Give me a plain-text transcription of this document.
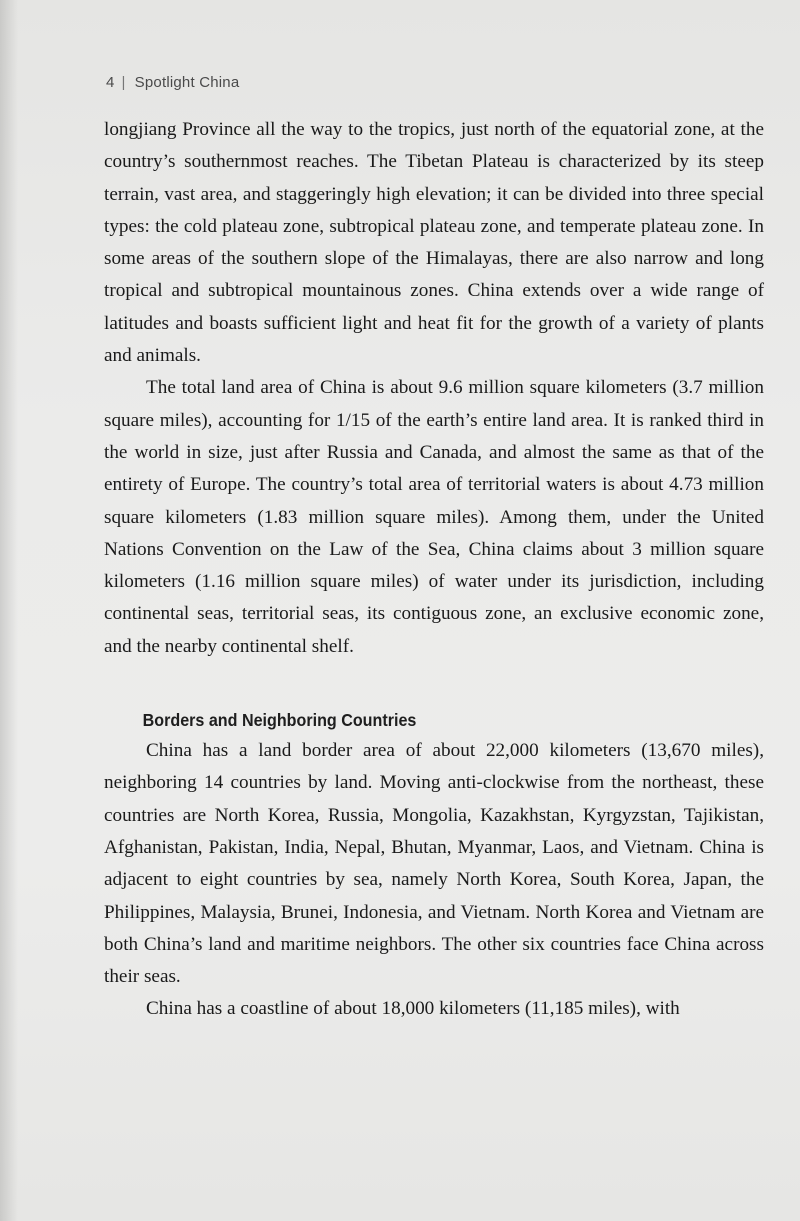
4 | Spotlight China

longjiang Province all the way to the tropics, just north of the equatorial zone, at the country’s southernmost reaches. The Tibetan Plateau is characterized by its steep terrain, vast area, and staggeringly high elevation; it can be divided into three special types: the cold plateau zone, subtropical plateau zone, and temperate plateau zone. In some areas of the southern slope of the Himalayas, there are also narrow and long tropical and subtropical mountainous zones. China extends over a wide range of latitudes and boasts sufficient light and heat fit for the growth of a variety of plants and animals.

The total land area of China is about 9.6 million square kilometers (3.7 million square miles), accounting for 1/15 of the earth’s entire land area. It is ranked third in the world in size, just after Russia and Canada, and almost the same as that of the entirety of Europe. The country’s total area of territorial waters is about 4.73 million square kilometers (1.83 million square miles). Among them, under the United Nations Convention on the Law of the Sea, China claims about 3 million square kilometers (1.16 million square miles) of water under its jurisdiction, including continental seas, territorial seas, its contiguous zone, an exclusive economic zone, and the nearby continental shelf.

Borders and Neighboring Countries

China has a land border area of about 22,000 kilometers (13,670 miles), neighboring 14 countries by land. Moving anti-clockwise from the northeast, these countries are North Korea, Russia, Mongolia, Kazakhstan, Kyrgyzstan, Tajikistan, Afghanistan, Pakistan, India, Nepal, Bhutan, Myanmar, Laos, and Vietnam. China is adjacent to eight countries by sea, namely North Korea, South Korea, Japan, the Philippines, Malaysia, Brunei, Indonesia, and Vietnam. North Korea and Vietnam are both China’s land and maritime neighbors. The other six countries face China across their seas.

China has a coastline of about 18,000 kilometers (11,185 miles), with
